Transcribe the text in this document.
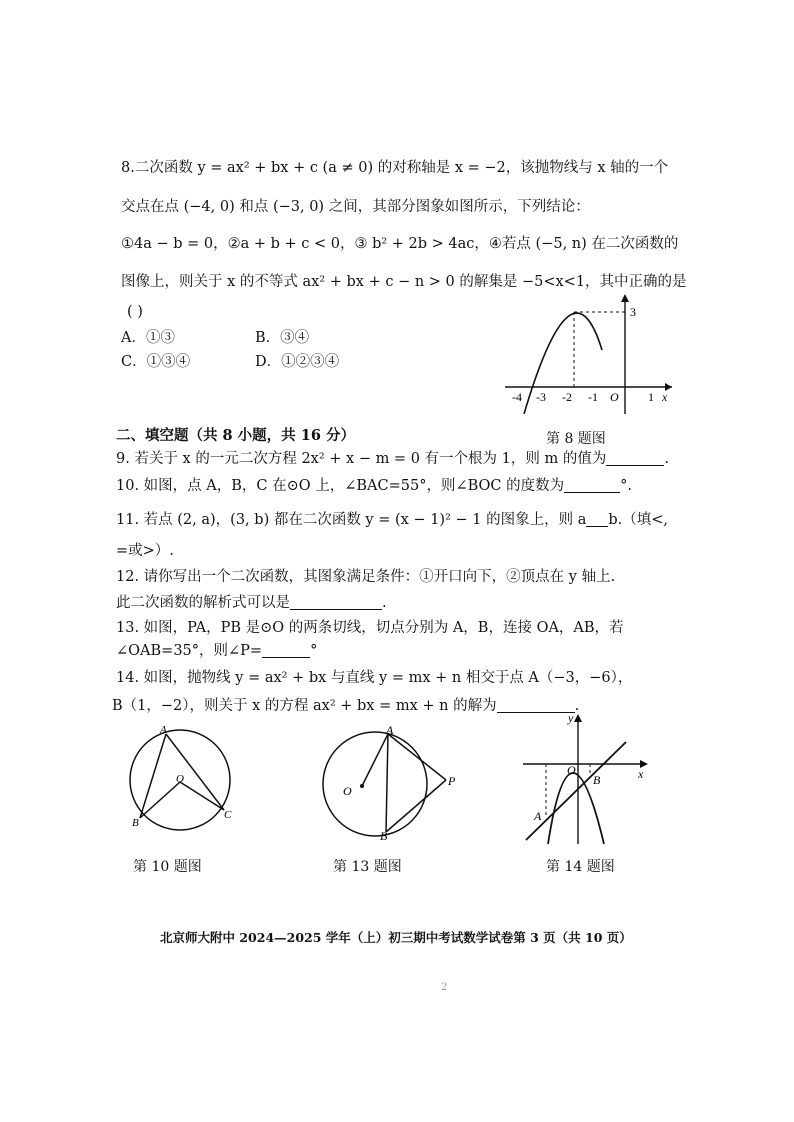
8.二次函数 y = ax² + bx + c (a ≠ 0) 的对称轴是 x = −2，该抛物线与 x 轴的一个
交点在点 (−4, 0) 和点 (−3, 0) 之间，其部分图象如图所示，下列结论：
①4a − b = 0，②a + b + c < 0，③ b² + 2b > 4ac，④若点 (−5, n) 在二次函数的
图像上，则关于 x 的不等式 ax² + bx + c − n > 0 的解集是 −5<x<1，其中正确的是
( )
A．①③	B．③④
C．①③④	D．①②③④
3
-4 -3 -2 -1 O 1 x
第 8 题图
二、填空题（共 8 小题，共 16 分）
9. 若关于 x 的一元二次方程 2x² + x − m = 0 有一个根为 1，则 m 的值为	.
10. 如图，点 A，B，C 在⊙O 上，∠BAC=55°，则∠BOC 的度数为	°.
11. 若点 (2, a)，(3, b) 都在二次函数 y = (x − 1)² − 1 的图象上，则 a b.（填<,
=或>）.
12. 请你写出一个二次函数，其图象满足条件：①开口向下，②顶点在 y 轴上.
此二次函数的解析式可以是	.
13. 如图，PA，PB 是⊙O 的两条切线，切点分别为 A，B，连接 OA，AB，若
∠OAB=35°，则∠P=	°
14. 如图，抛物线 y = ax² + bx 与直线 y = mx + n 相交于点 A（−3，−6），
B（1，−2），则关于 x 的方程 ax² + bx = mx + n 的解为	.
A
O
B
C
第 10 题图
A
O
B
P
第 13 题图
y
O	x
B
A
第 14 题图
北京师大附中 2024—2025 学年（上）初三期中考试数学试卷第 3 页（共 10 页）
2
